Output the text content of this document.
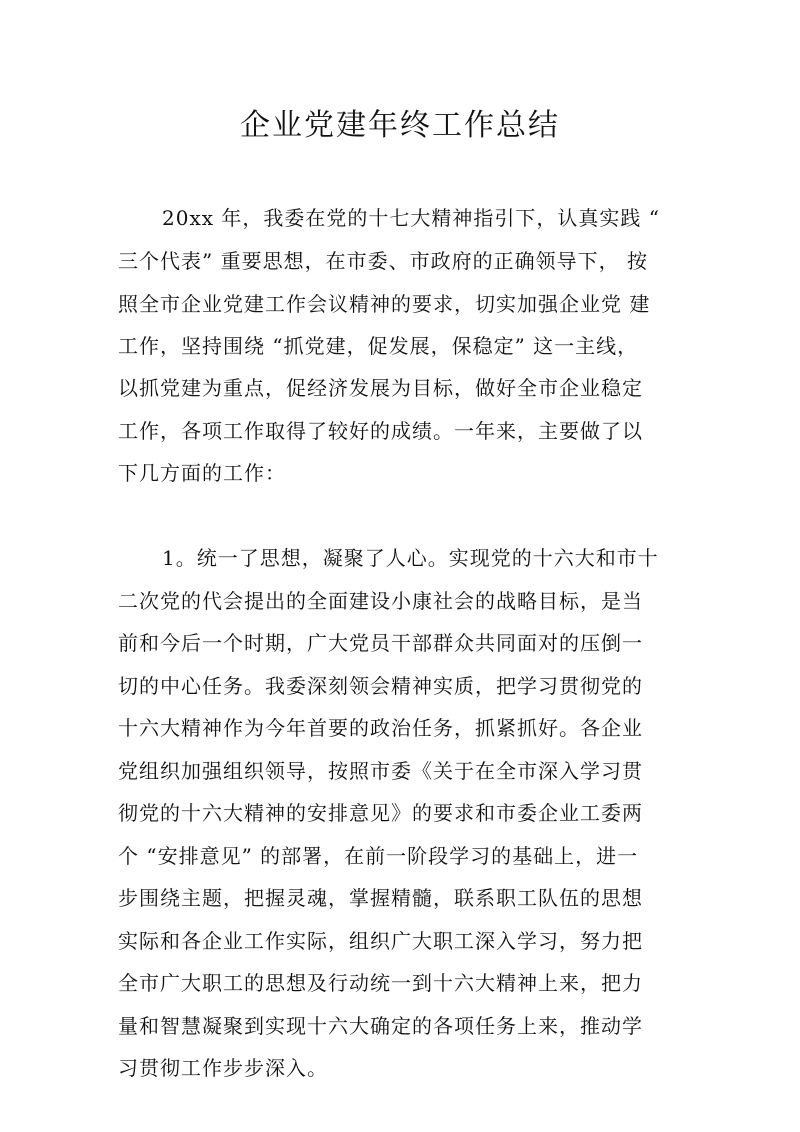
企业党建年终工作总结
20xx 年，我委在党的十七大精神指引下，认真实践 “
三个代表” 重要思想，在市委、市政府的正确领导下， 按
照全市企业党建工作会议精神的要求，切实加强企业党 建
工作，坚持围绕 “抓党建，促发展，保稳定” 这一主线，
以抓党建为重点，促经济发展为目标，做好全市企业稳定
工作，各项工作取得了较好的成绩。一年来，主要做了以
下几方面的工作：
1。统一了思想，凝聚了人心。实现党的十六大和市十
二次党的代会提出的全面建设小康社会的战略目标，是当
前和今后一个时期，广大党员干部群众共同面对的压倒一
切的中心任务。我委深刻领会精神实质，把学习贯彻党的
十六大精神作为今年首要的政治任务，抓紧抓好。各企业
党组织加强组织领导，按照市委《关于在全市深入学习贯
彻党的十六大精神的安排意见》的要求和市委企业工委两
个 “安排意见” 的部署，在前一阶段学习的基础上，进一
步围绕主题，把握灵魂，掌握精髓，联系职工队伍的思想
实际和各企业工作实际，组织广大职工深入学习，努力把
全市广大职工的思想及行动统一到十六大精神上来，把力
量和智慧凝聚到实现十六大确定的各项任务上来，推动学
习贯彻工作步步深入。
